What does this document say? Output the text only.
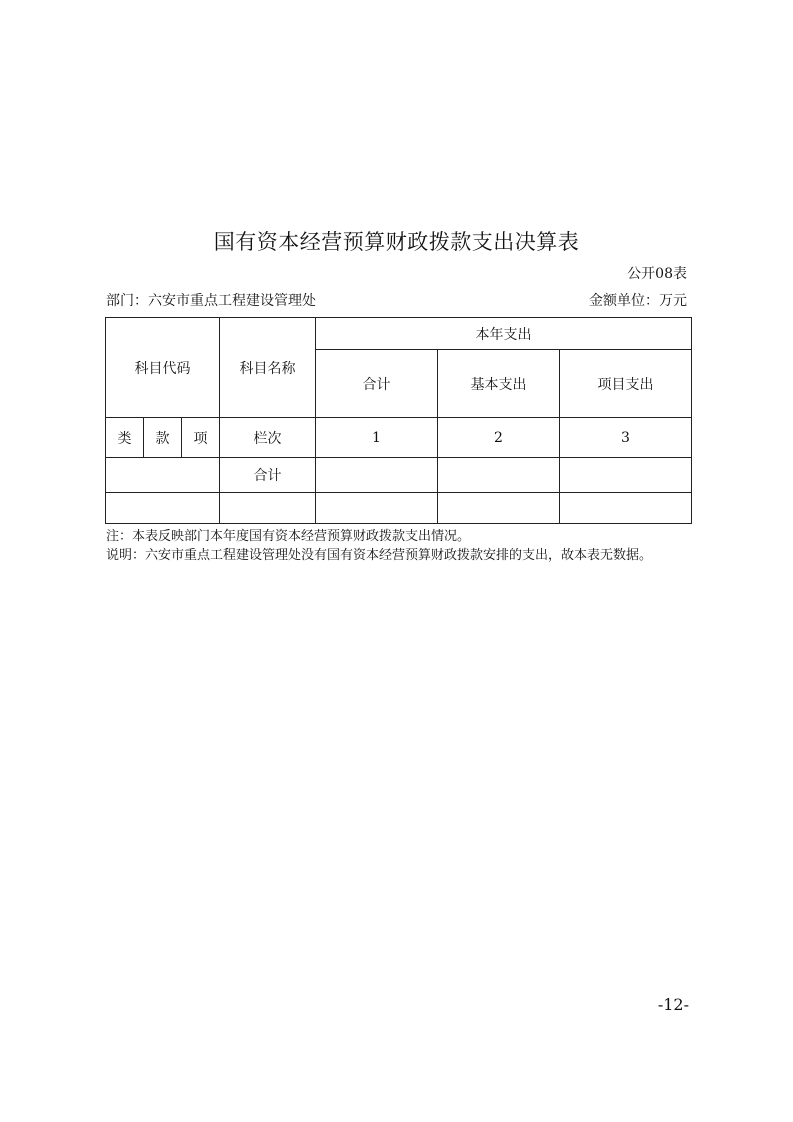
国有资本经营预算财政拨款支出决算表
公开08表
部门：六安市重点工程建设管理处	金额单位：万元
科目代码			科目名称	本年支出		
				合计	基本支出	项目支出
类	款	项	栏次	1	2	3
			合计			

注：本表反映部门本年度国有资本经营预算财政拨款支出情况。
说明：六安市重点工程建设管理处没有国有资本经营预算财政拨款安排的支出，故本表无数据。
-12-
